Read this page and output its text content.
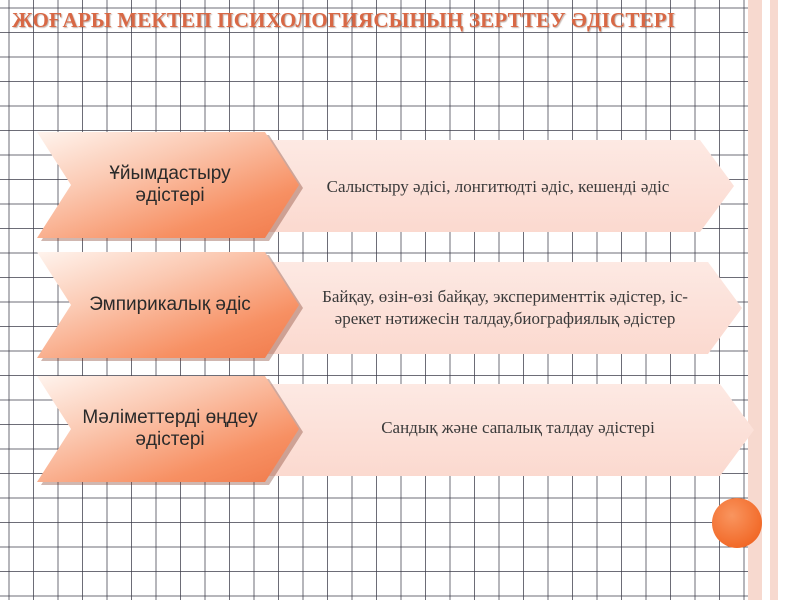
ЖОҒАРЫ МЕКТЕП ПСИХОЛОГИЯСЫНЫҢ ЗЕРТТЕУ ӘДІСТЕРІ
Салыстыру әдісі, лонгитюдті әдіс, кешенді әдіс
Ұйымдастыру әдістері
Байқау, өзін-өзі байқау, эксперименттік әдістер, іс-әрекет нәтижесін талдау,биографиялық әдістер
Эмпирикалық әдіс
Сандық және сапалық талдау әдістері
Мәліметтерді өңдеу әдістері
